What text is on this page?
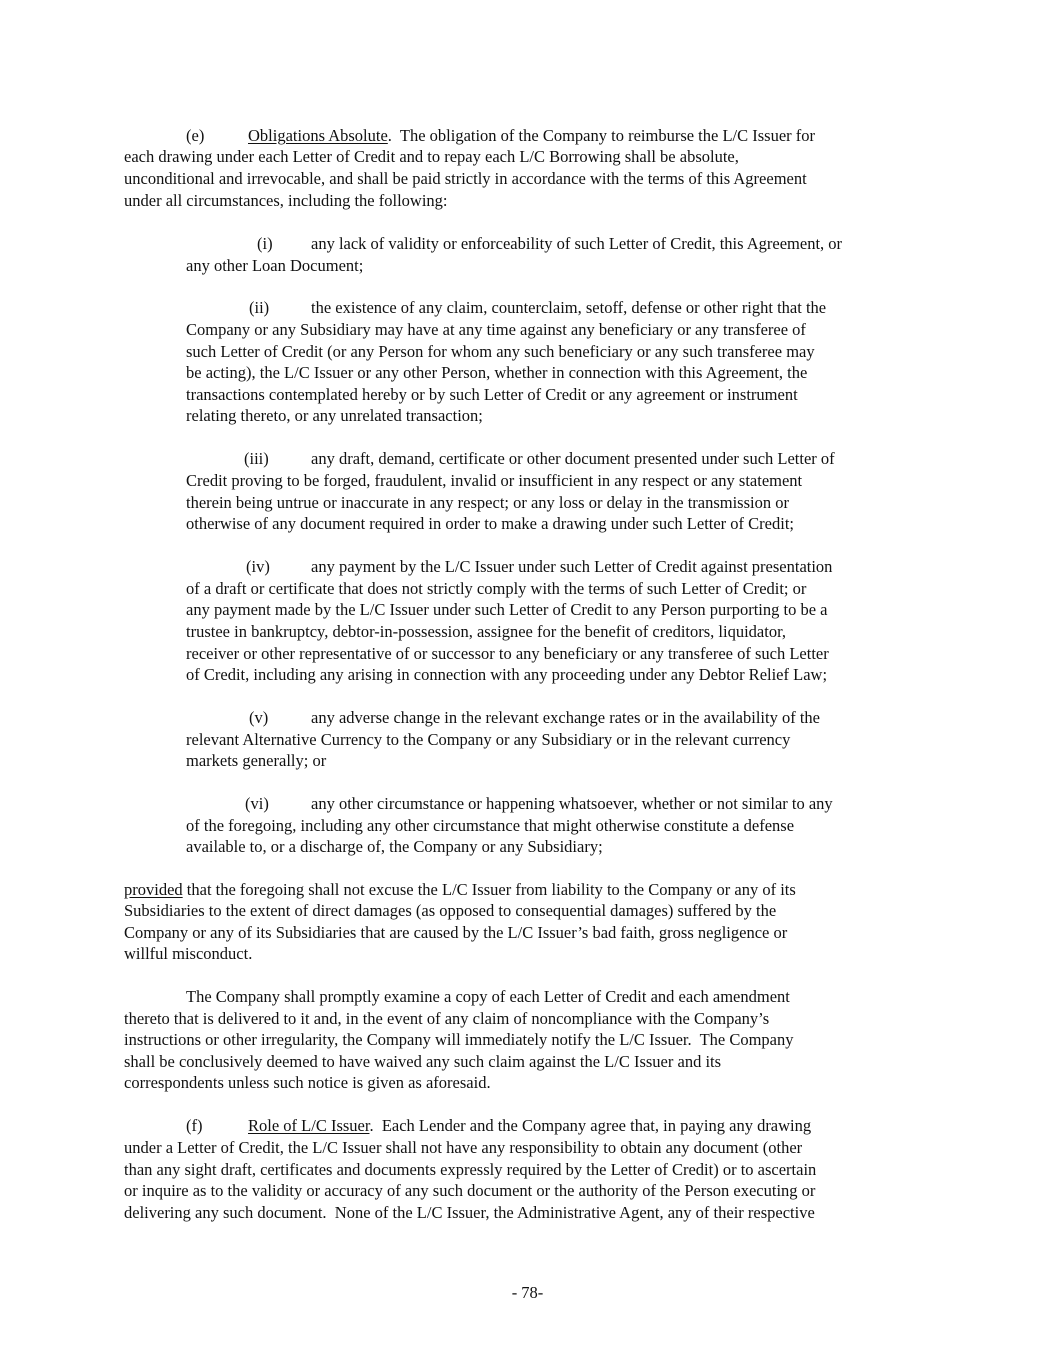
(e)	Obligations Absolute.  The obligation of the Company to reimburse the L/C Issuer for
each drawing under each Letter of Credit and to repay each L/C Borrowing shall be absolute,
unconditional and irrevocable, and shall be paid strictly in accordance with the terms of this Agreement
under all circumstances, including the following:
(i) any lack of validity or enforceability of such Letter of Credit, this Agreement, or
any other Loan Document;
(ii)	the existence of any claim, counterclaim, setoff, defense or other right that the
Company or any Subsidiary may have at any time against any beneficiary or any transferee of
such Letter of Credit (or any Person for whom any such beneficiary or any such transferee may
be acting), the L/C Issuer or any other Person, whether in connection with this Agreement, the
transactions contemplated hereby or by such Letter of Credit or any agreement or instrument
relating thereto, or any unrelated transaction;
(iii)	any draft, demand, certificate or other document presented under such Letter of
Credit proving to be forged, fraudulent, invalid or insufficient in any respect or any statement
therein being untrue or inaccurate in any respect; or any loss or delay in the transmission or
otherwise of any document required in order to make a drawing under such Letter of Credit;
(iv) any payment by the L/C Issuer under such Letter of Credit against presentation
of a draft or certificate that does not strictly comply with the terms of such Letter of Credit; or
any payment made by the L/C Issuer under such Letter of Credit to any Person purporting to be a
trustee in bankruptcy, debtor-in-possession, assignee for the benefit of creditors, liquidator,
receiver or other representative of or successor to any beneficiary or any transferee of such Letter
of Credit, including any arising in connection with any proceeding under any Debtor Relief Law;
(v)	any adverse change in the relevant exchange rates or in the availability of the
relevant Alternative Currency to the Company or any Subsidiary or in the relevant currency
markets generally; or
(vi)	any other circumstance or happening whatsoever, whether or not similar to any
of the foregoing, including any other circumstance that might otherwise constitute a defense
available to, or a discharge of, the Company or any Subsidiary;
provided that the foregoing shall not excuse the L/C Issuer from liability to the Company or any of its
Subsidiaries to the extent of direct damages (as opposed to consequential damages) suffered by the
Company or any of its Subsidiaries that are caused by the L/C Issuer’s bad faith, gross negligence or
willful misconduct.
The Company shall promptly examine a copy of each Letter of Credit and each amendment
thereto that is delivered to it and, in the event of any claim of noncompliance with the Company’s
instructions or other irregularity, the Company will immediately notify the L/C Issuer.  The Company
shall be conclusively deemed to have waived any such claim against the L/C Issuer and its
correspondents unless such notice is given as aforesaid.
(f)	Role of L/C Issuer.  Each Lender and the Company agree that, in paying any drawing
under a Letter of Credit, the L/C Issuer shall not have any responsibility to obtain any document (other
than any sight draft, certificates and documents expressly required by the Letter of Credit) or to ascertain
or inquire as to the validity or accuracy of any such document or the authority of the Person executing or
delivering any such document.  None of the L/C Issuer, the Administrative Agent, any of their respective
- 78-
